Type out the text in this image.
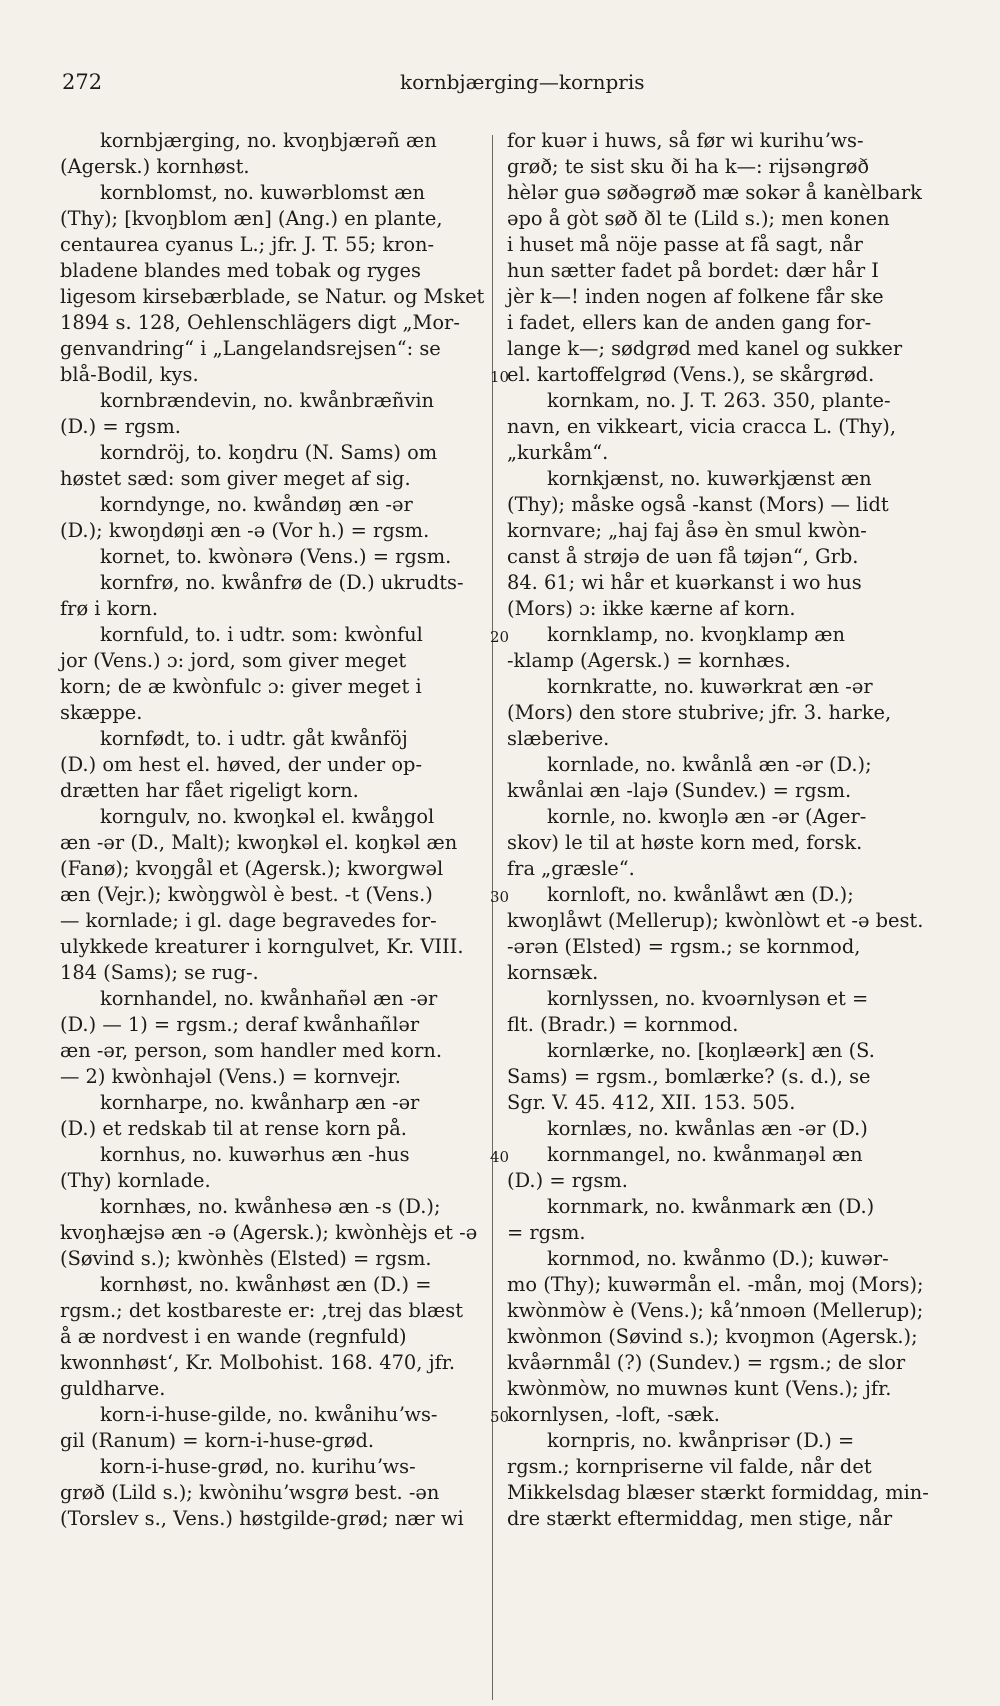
272	kornbjærging—kornpris
kornbjærging, no. kvoŋbjærəñ æn
(Agersk.) kornhøst.
kornblomst, no. kuwərblomst æn
(Thy); [kvoŋblom æn] (Ang.) en plante,
centaurea cyanus L.; jfr. J. T. 55; kron-
bladene blandes med tobak og ryges
ligesom kirsebærblade, se Natur. og Msket
1894 s. 128, Oehlenschlägers digt „Mor-
genvandring“ i „Langelandsrejsen“: se
blå-Bodil, kys.
kornbrændevin, no. kwånbræñvin
(D.) = rgsm.
korndröj, to. koŋdru (N. Sams) om
høstet sæd: som giver meget af sig.
korndynge, no. kwåndøŋ æn -ər
(D.); kwoŋdøŋi æn -ə (Vor h.) = rgsm.
kornet, to. kwònərə (Vens.) = rgsm.
kornfrø, no. kwånfrø de (D.) ukrudts-
frø i korn.
kornfuld, to. i udtr. som: kwònful
jor (Vens.) ɔ: jord, som giver meget
korn; de æ kwònfulc ɔ: giver meget i
skæppe.
kornfødt, to. i udtr. gåt kwånföj
(D.) om hest el. høved, der under op-
drætten har fået rigeligt korn.
korngulv, no. kwoŋkəl el. kwåŋgol
æn -ər (D., Malt); kwoŋkəl el. koŋkəl æn
(Fanø); kvoŋgål et (Agersk.); kworgwəl
æn (Vejr.); kwòŋgwòl è best. -t (Vens.)
— kornlade; i gl. dage begravedes for-
ulykkede kreaturer i korngulvet, Kr. VIII.
184 (Sams); se rug-.
kornhandel, no. kwånhañəl æn -ər
(D.) — 1) = rgsm.; deraf kwånhañlər
æn -ər, person, som handler med korn.
— 2) kwònhajəl (Vens.) = kornvejr.
kornharpe, no. kwånharp æn -ər
(D.) et redskab til at rense korn på.
kornhus, no. kuwərhus æn -hus
(Thy) kornlade.
kornhæs, no. kwånhesə æn -s (D.);
kvoŋhæjsə æn -ə (Agersk.); kwònhèjs et -ə
(Søvind s.); kwònhès (Elsted) = rgsm.
kornhøst, no. kwånhøst æn (D.) =
rgsm.; det kostbareste er: ‚trej das blæst
å æ nordvest i en wande (regnfuld)
kwonnhøst‘, Kr. Molbohist. 168. 470, jfr.
guldharve.
korn-i-huse-gilde, no. kwånihuʼws-
gil (Ranum) = korn-i-huse-grød.
korn-i-huse-grød, no. kurihuʼws-
grøð (Lild s.); kwònihuʼwsgrø best. -ən
(Torslev s., Vens.) høstgilde-grød; nær wi
for kuər i huws, så før wi kurihuʼws-
grøð; te sist sku ði ha k—: rijsəngrøð
hèlər guə søðəgrøð mæ sokər å kanèlbark
əpo å gòt søð ðl te (Lild s.); men konen
i huset må nöje passe at få sagt, når
hun sætter fadet på bordet: dær hår I
jèr k—! inden nogen af folkene får ske
i fadet, ellers kan de anden gang for-
lange k—; sødgrød med kanel og sukker
el. kartoffelgrød (Vens.), se skårgrød.
kornkam, no. J. T. 263. 350, plante-
navn, en vikkeart, vicia cracca L. (Thy),
„kurkåm“.
kornkjænst, no. kuwərkjænst æn
(Thy); måske også -kanst (Mors) — lidt
kornvare; „haj faj åsə èn smul kwòn-
canst å strøjə de uən få tøjən“, Grb.
84. 61; wi hår et kuərkanst i wo hus
(Mors) ɔ: ikke kærne af korn.
kornklamp, no. kvoŋklamp æn
-klamp (Agersk.) = kornhæs.
kornkratte, no. kuwərkrat æn -ər
(Mors) den store stubrive; jfr. 3. harke,
slæberive.
kornlade, no. kwånlå æn -ər (D.);
kwånlai æn -lajə (Sundev.) = rgsm.
kornle, no. kwoŋlə æn -ər (Ager-
skov) le til at høste korn med, forsk.
fra „græsle“.
kornloft, no. kwånlåwt æn (D.);
kwoŋlåwt (Mellerup); kwònlòwt et -ə best.
-ərən (Elsted) = rgsm.; se kornmod,
kornsæk.
kornlyssen, no. kvoərnlysən et =
flt. (Bradr.) = kornmod.
kornlærke, no. [koŋlæərk] æn (S.
Sams) = rgsm., bomlærke? (s. d.), se
Sgr. V. 45. 412, XII. 153. 505.
kornlæs, no. kwånlas æn -ər (D.)
kornmangel, no. kwånmaŋəl æn
(D.) = rgsm.
kornmark, no. kwånmark æn (D.)
= rgsm.
kornmod, no. kwånmo (D.); kuwər-
mo (Thy); kuwərmån el. -mån, moj (Mors);
kwònmòw è (Vens.); kåʼnmoən (Mellerup);
kwònmon (Søvind s.); kvoŋmon (Agersk.);
kvåərnmål (?) (Sundev.) = rgsm.; de slor
kwònmòw, no muwnəs kunt (Vens.); jfr.
kornlysen, -loft, -sæk.
kornpris, no. kwånprisər (D.) =
rgsm.; kornpriserne vil falde, når det
Mikkelsdag blæser stærkt formiddag, min-
dre stærkt eftermiddag, men stige, når
10
20
30
40
50
